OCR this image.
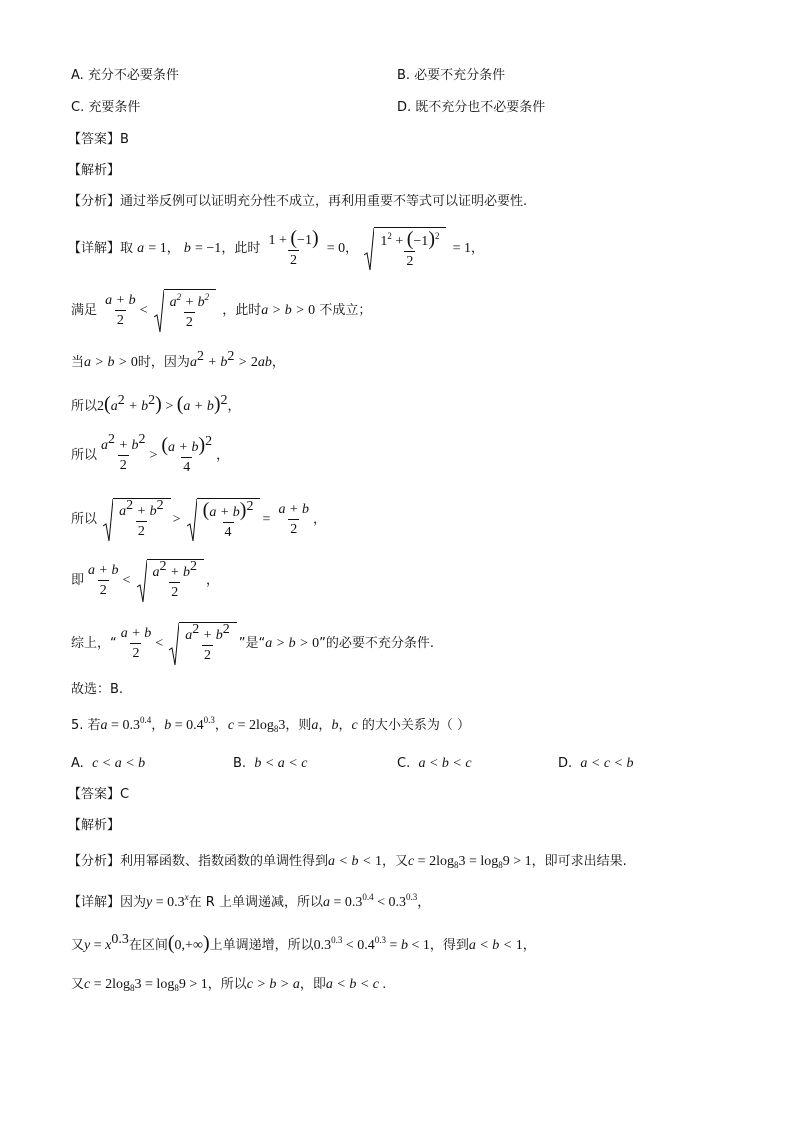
A. 充分不必要条件	B. 必要不充分条件
C. 充要条件	D. 既不充分也不必要条件
【答案】B
【解析】
【分析】通过举反例可以证明充分性不成立，再利用重要不等式可以证明必要性.
【详解】取 a = 1， b = −1，此时 $\frac{1 + (-1)}{2} = 0$， $\frac{1^2 + (-1)^2}{2} = 1$，
满足 $\frac{a + b}{2} < \frac{a^2 + b^2}{2}$ ，此时a > b > 0 不成立；
当a > b > 0时，因为$a^2 + b^2 > 2ab$，
所以$2(a^2 + b^2) > (a + b)^2$，
所以 $\frac{a^2 + b^2}{2} > \frac{(a + b)^2}{4}$ ，
所以 $\frac{a^2 + b^2}{2} > \frac{(a + b)^2}{4} = \frac{a + b}{2}$ ，
即 $\frac{a + b}{2} < \frac{a^2 + b^2}{2}$ ，
综上，“ $\frac{a + b}{2} < \frac{a^2 + b^2}{2}$ ”是“a > b > 0”的必要不充分条件.
故选：B.
5. 若$a = 0.3^{0.4}$，$b = 0.4^{0.3}$，$c = 2\log_83$，则a，b，c 的大小关系为（ ）
A.  c < a < b	B.  b < a < c	C.  a < b < c	D.  a < c < b
【答案】C
【解析】
【分析】利用幂函数、指数函数的单调性得到a < b < 1，又$c = 2\log_83 = \log_89 > 1$，即可求出结果.
【详解】因为$y = 0.3^x$在 R 上单调递减，所以$a = 0.3^{0.4} < 0.3^{0.3}$，
又$y = x^{0.3}$在区间(0,+∞)上单调递增，所以$0.3^{0.3} < 0.4^{0.3} = b < 1$，得到a < b < 1，
又$c = 2\log_83 = \log_89 > 1$，所以c > b > a，即a < b < c .
